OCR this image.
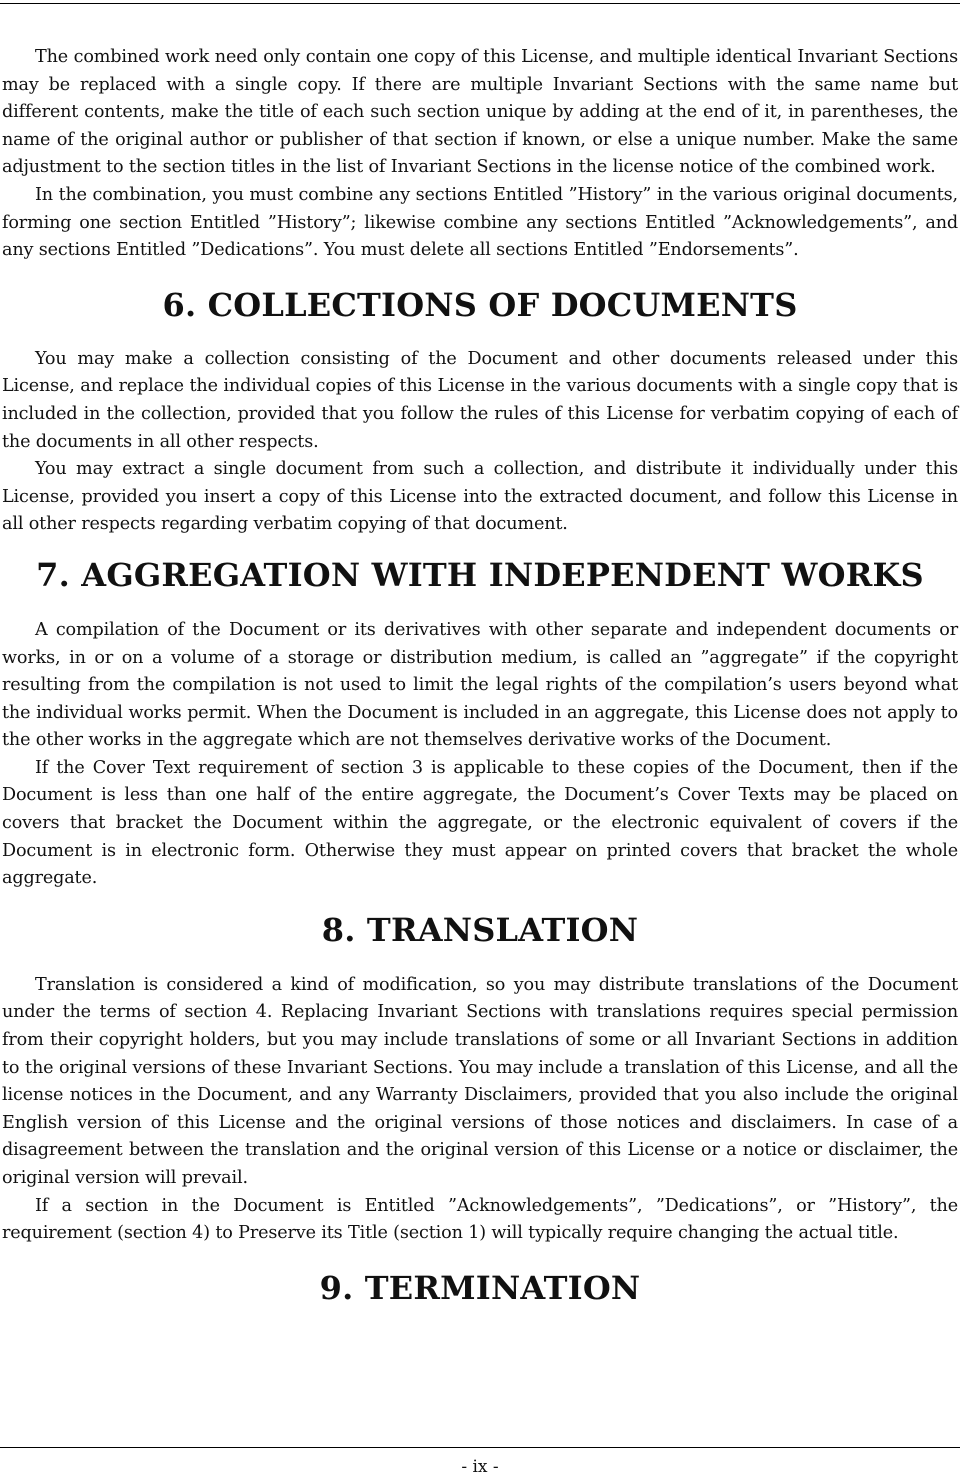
The combined work need only contain one copy of this License, and multiple identical Invariant Sections may be replaced with a single copy. If there are multiple Invariant Sections with the same name but different contents, make the title of each such section unique by adding at the end of it, in parentheses, the name of the original author or publisher of that section if known, or else a unique number. Make the same adjustment to the section titles in the list of Invariant Sections in the license notice of the combined work.

In the combination, you must combine any sections Entitled ”History” in the various original documents, forming one section Entitled ”History”; likewise combine any sections Entitled ”Acknowledgements”, and any sections Entitled ”Dedications”. You must delete all sections Entitled ”Endorsements”.

6. COLLECTIONS OF DOCUMENTS

You may make a collection consisting of the Document and other documents released under this License, and replace the individual copies of this License in the various documents with a single copy that is included in the collection, provided that you follow the rules of this License for verbatim copying of each of the documents in all other respects.

You may extract a single document from such a collection, and distribute it individually under this License, provided you insert a copy of this License into the extracted document, and follow this License in all other respects regarding verbatim copying of that document.

7. AGGREGATION WITH INDEPENDENT WORKS

A compilation of the Document or its derivatives with other separate and independent documents or works, in or on a volume of a storage or distribution medium, is called an ”aggregate” if the copyright resulting from the compilation is not used to limit the legal rights of the compilation’s users beyond what the individual works permit. When the Document is included in an aggregate, this License does not apply to the other works in the aggregate which are not themselves derivative works of the Document.

If the Cover Text requirement of section 3 is applicable to these copies of the Document, then if the Document is less than one half of the entire aggregate, the Document’s Cover Texts may be placed on covers that bracket the Document within the aggregate, or the electronic equivalent of covers if the Document is in electronic form. Otherwise they must appear on printed covers that bracket the whole aggregate.

8. TRANSLATION

Translation is considered a kind of modification, so you may distribute translations of the Document under the terms of section 4. Replacing Invariant Sections with translations requires special permission from their copyright holders, but you may include translations of some or all Invariant Sections in addition to the original versions of these Invariant Sections. You may include a translation of this License, and all the license notices in the Document, and any Warranty Disclaimers, provided that you also include the original English version of this License and the original versions of those notices and disclaimers. In case of a disagreement between the translation and the original version of this License or a notice or disclaimer, the original version will prevail.

If a section in the Document is Entitled ”Acknowledgements”, ”Dedications”, or ”History”, the requirement (section 4) to Preserve its Title (section 1) will typically require changing the actual title.

9. TERMINATION
- ix -
